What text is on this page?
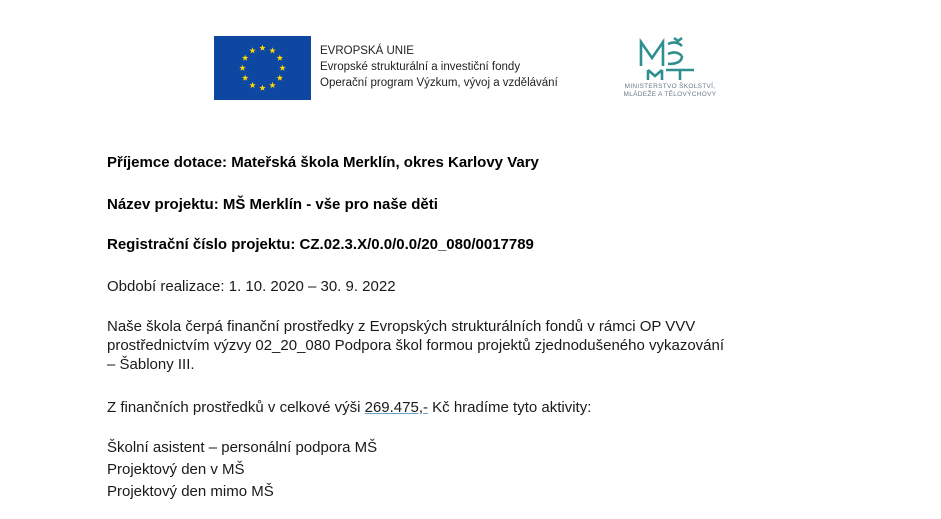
EVROPSKÁ UNIE
Evropské strukturální a investiční fondy
Operační program Výzkum, vývoj a vzdělávání	MINISTERSTVO ŠKOLSTVÍ,
MLÁDEŽE A TĚLOVÝCHOVY

Příjemce dotace: Mateřská škola Merklín, okres Karlovy Vary

Název projektu: MŠ Merklín - vše pro naše děti

Registrační číslo projektu: CZ.02.3.X/0.0/0.0/20_080/0017789

Období realizace: 1. 10. 2020 – 30. 9. 2022
Naše škola čerpá finanční prostředky z Evropských strukturálních fondů v rámci OP VVV
prostřednictvím výzvy 02_20_080 Podpora škol formou projektů zjednodušeného vykazování
– Šablony III.
Z finančních prostředků v celkové výši 269.475,- Kč hradíme tyto aktivity:
Školní asistent – personální podpora MŠ
Projektový den v MŠ
Projektový den mimo MŠ
